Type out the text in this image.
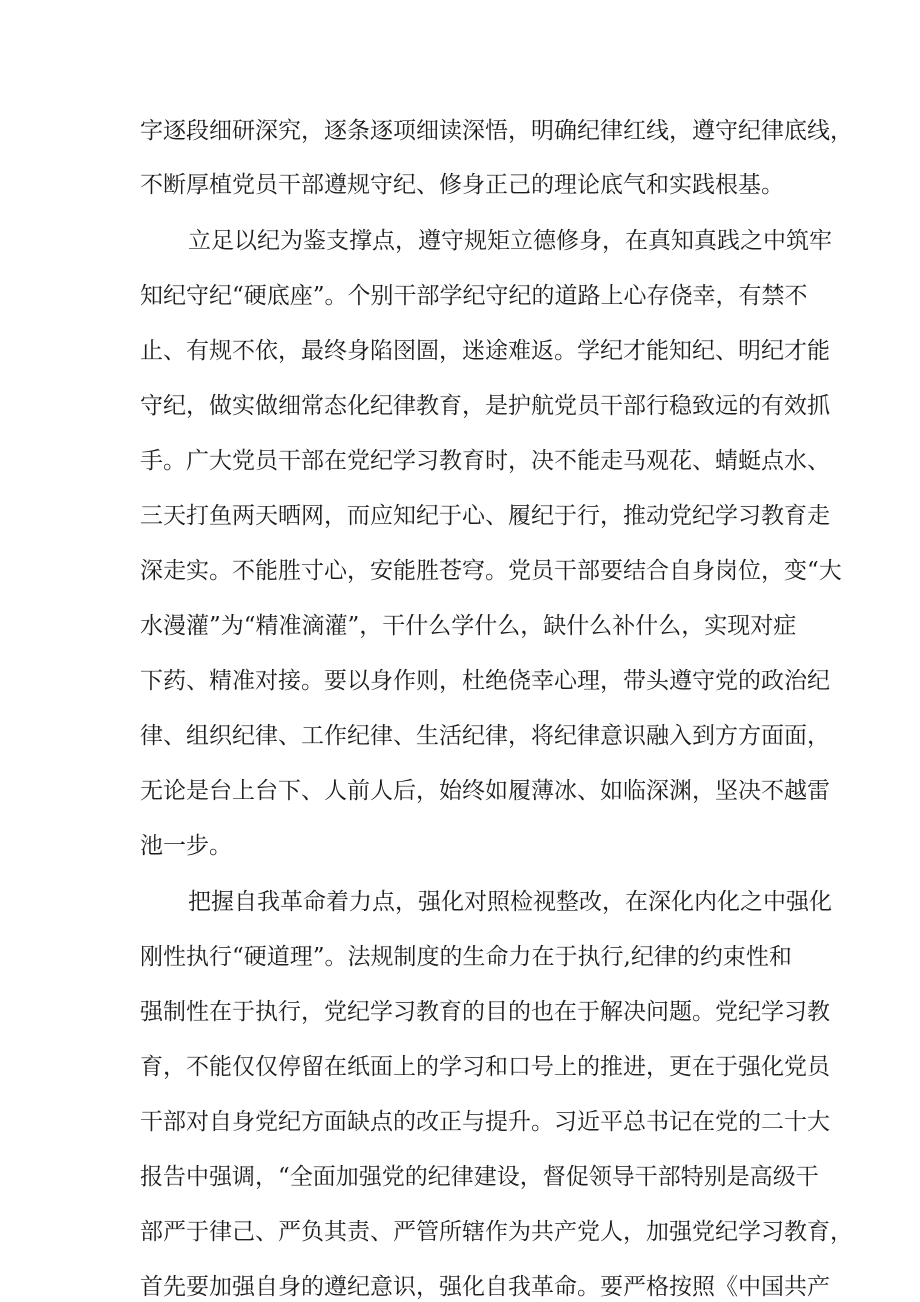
字逐段细研深究，逐条逐项细读深悟，明确纪律红线，遵守纪律底线，
不断厚植党员干部遵规守纪、修身正己的理论底气和实践根基。
立足以纪为鉴支撑点，遵守规矩立德修身，在真知真践之中筑牢
知纪守纪“硬底座”。个别干部学纪守纪的道路上心存侥幸，有禁不
止、有规不依，最终身陷囹圄，迷途难返。学纪才能知纪、明纪才能
守纪，做实做细常态化纪律教育，是护航党员干部行稳致远的有效抓
手。广大党员干部在党纪学习教育时，决不能走马观花、蜻蜓点水、
三天打鱼两天晒网，而应知纪于心、履纪于行，推动党纪学习教育走
深走实。不能胜寸心，安能胜苍穹。党员干部要结合自身岗位，变“大
水漫灌”为“精准滴灌”，干什么学什么，缺什么补什么，实现对症
下药、精准对接。要以身作则，杜绝侥幸心理，带头遵守党的政治纪
律、组织纪律、工作纪律、生活纪律，将纪律意识融入到方方面面，
无论是台上台下、人前人后，始终如履薄冰、如临深渊，坚决不越雷
池一步。
把握自我革命着力点，强化对照检视整改，在深化内化之中强化
刚性执行“硬道理”。法规制度的生命力在于执行,纪律的约束性和
强制性在于执行，党纪学习教育的目的也在于解决问题。党纪学习教
育，不能仅仅停留在纸面上的学习和口号上的推进，更在于强化党员
干部对自身党纪方面缺点的改正与提升。习近平总书记在党的二十大
报告中强调，“全面加强党的纪律建设，督促领导干部特别是高级干
部严于律己、严负其责、严管所辖作为共产党人，加强党纪学习教育，
首先要加强自身的遵纪意识，强化自我革命。要严格按照《中国共产
